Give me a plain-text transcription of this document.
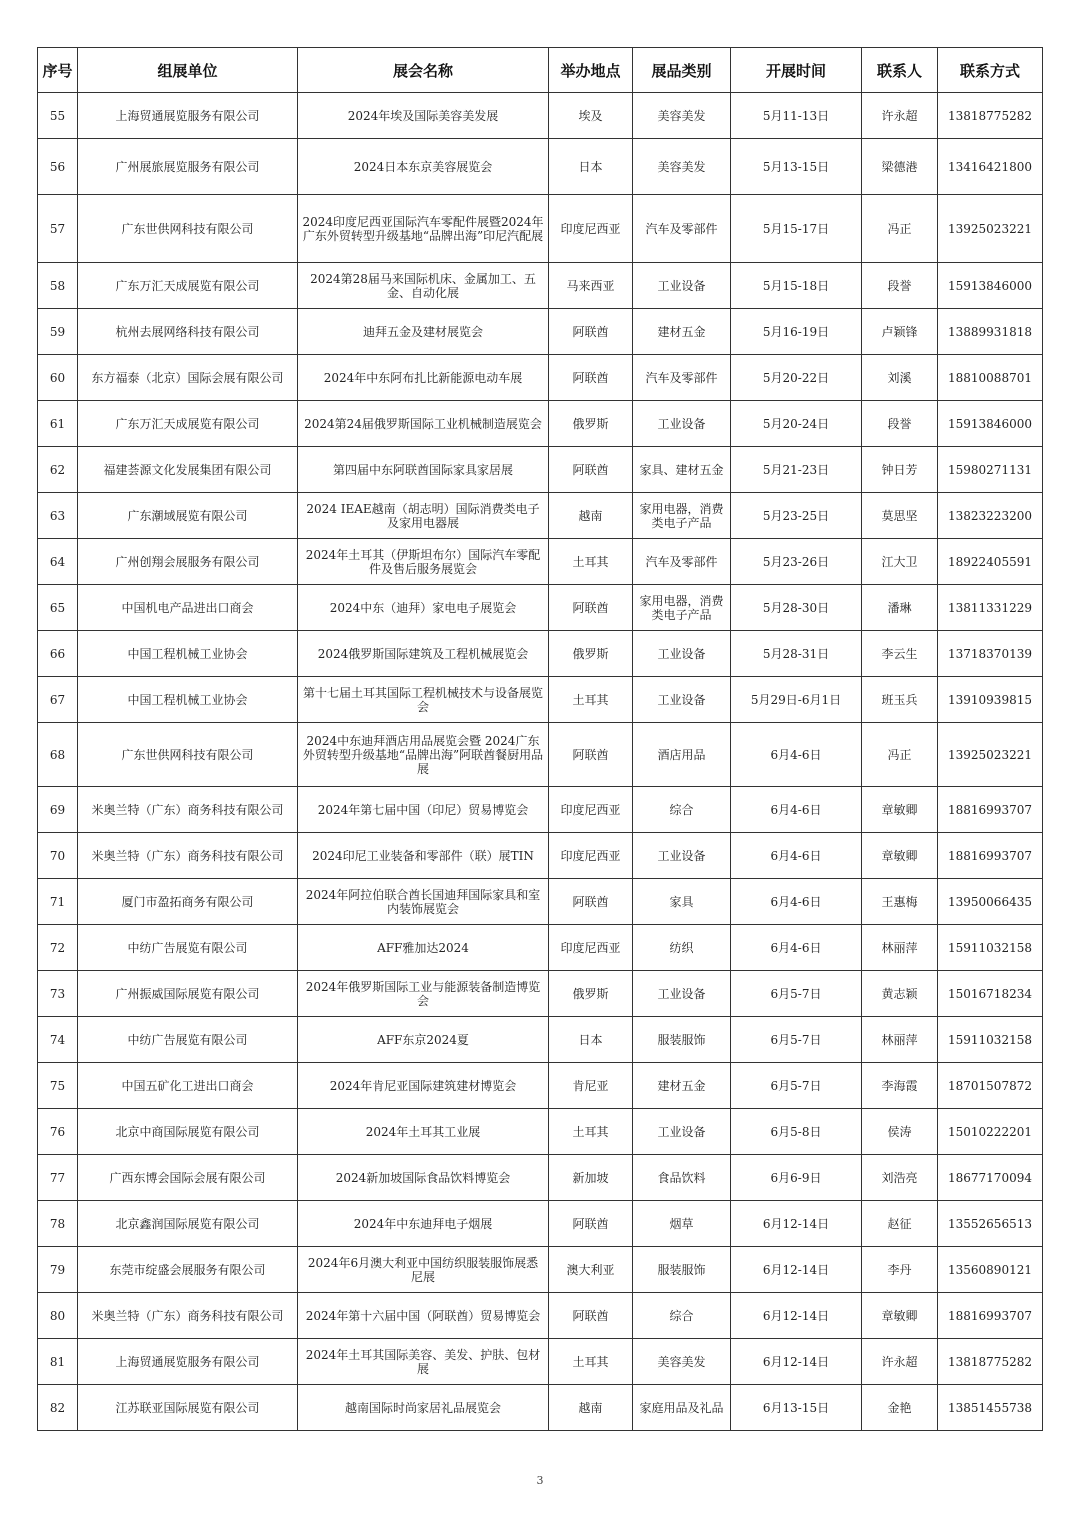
序号	组展单位	展会名称	举办地点	展品类别	开展时间	联系人	联系方式
55	上海贸通展览服务有限公司	2024年埃及国际美容美发展	埃及	美容美发	5月11-13日	许永超	13818775282
56	广州展旅展览服务有限公司	2024日本东京美容展览会	日本	美容美发	5月13-15日	梁德港	13416421800
57	广东世供网科技有限公司	2024印度尼西亚国际汽车零配件展暨2024年广东外贸转型升级基地“品牌出海”印尼汽配展	印度尼西亚	汽车及零部件	5月15-17日	冯正	13925023221
58	广东万汇天成展览有限公司	2024第28届马来国际机床、金属加工、五金、自动化展	马来西亚	工业设备	5月15-18日	段誉	15913846000
59	杭州去展网络科技有限公司	迪拜五金及建材展览会	阿联酋	建材五金	5月16-19日	卢颖锋	13889931818
60	东方福泰（北京）国际会展有限公司	2024年中东阿布扎比新能源电动车展	阿联酋	汽车及零部件	5月20-22日	刘溪	18810088701
61	广东万汇天成展览有限公司	2024第24届俄罗斯国际工业机械制造展览会	俄罗斯	工业设备	5月20-24日	段誉	15913846000
62	福建荟源文化发展集团有限公司	第四届中东阿联酋国际家具家居展	阿联酋	家具、建材五金	5月21-23日	钟日芳	15980271131
63	广东潮域展览有限公司	2024 IEAE越南（胡志明）国际消费类电子及家用电器展	越南	家用电器，消费类电子产品	5月23-25日	莫思坚	13823223200
64	广州创翔会展服务有限公司	2024年土耳其（伊斯坦布尔）国际汽车零配件及售后服务展览会	土耳其	汽车及零部件	5月23-26日	江大卫	18922405591
65	中国机电产品进出口商会	2024中东（迪拜）家电电子展览会	阿联酋	家用电器，消费类电子产品	5月28-30日	潘琳	13811331229
66	中国工程机械工业协会	2024俄罗斯国际建筑及工程机械展览会	俄罗斯	工业设备	5月28-31日	李云生	13718370139
67	中国工程机械工业协会	第十七届土耳其国际工程机械技术与设备展览会	土耳其	工业设备	5月29日-6月1日	班玉兵	13910939815
68	广东世供网科技有限公司	2024中东迪拜酒店用品展览会暨 2024广东外贸转型升级基地“品牌出海”阿联酋餐厨用品展	阿联酋	酒店用品	6月4-6日	冯正	13925023221
69	米奥兰特（广东）商务科技有限公司	2024年第七届中国（印尼）贸易博览会	印度尼西亚	综合	6月4-6日	章敏卿	18816993707
70	米奥兰特（广东）商务科技有限公司	2024印尼工业装备和零部件（联）展TIN	印度尼西亚	工业设备	6月4-6日	章敏卿	18816993707
71	厦门市盈拓商务有限公司	2024年阿拉伯联合酋长国迪拜国际家具和室内装饰展览会	阿联酋	家具	6月4-6日	王惠梅	13950066435
72	中纺广告展览有限公司	AFF雅加达2024	印度尼西亚	纺织	6月4-6日	林丽萍	15911032158
73	广州振威国际展览有限公司	2024年俄罗斯国际工业与能源装备制造博览会	俄罗斯	工业设备	6月5-7日	黄志颖	15016718234
74	中纺广告展览有限公司	AFF东京2024夏	日本	服装服饰	6月5-7日	林丽萍	15911032158
75	中国五矿化工进出口商会	2024年肯尼亚国际建筑建材博览会	肯尼亚	建材五金	6月5-7日	李海霞	18701507872
76	北京中商国际展览有限公司	2024年土耳其工业展	土耳其	工业设备	6月5-8日	侯涛	15010222201
77	广西东博会国际会展有限公司	2024新加坡国际食品饮料博览会	新加坡	食品饮料	6月6-9日	刘浩亮	18677170094
78	北京鑫润国际展览有限公司	2024年中东迪拜电子烟展	阿联酋	烟草	6月12-14日	赵征	13552656513
79	东莞市绽盛会展服务有限公司	2024年6月澳大利亚中国纺织服装服饰展悉尼展	澳大利亚	服装服饰	6月12-14日	李丹	13560890121
80	米奥兰特（广东）商务科技有限公司	2024年第十六届中国（阿联酋）贸易博览会	阿联酋	综合	6月12-14日	章敏卿	18816993707
81	上海贸通展览服务有限公司	2024年土耳其国际美容、美发、护肤、包材展	土耳其	美容美发	6月12-14日	许永超	13818775282
82	江苏联亚国际展览有限公司	越南国际时尚家居礼品展览会	越南	家庭用品及礼品	6月13-15日	金艳	13851455738
3
